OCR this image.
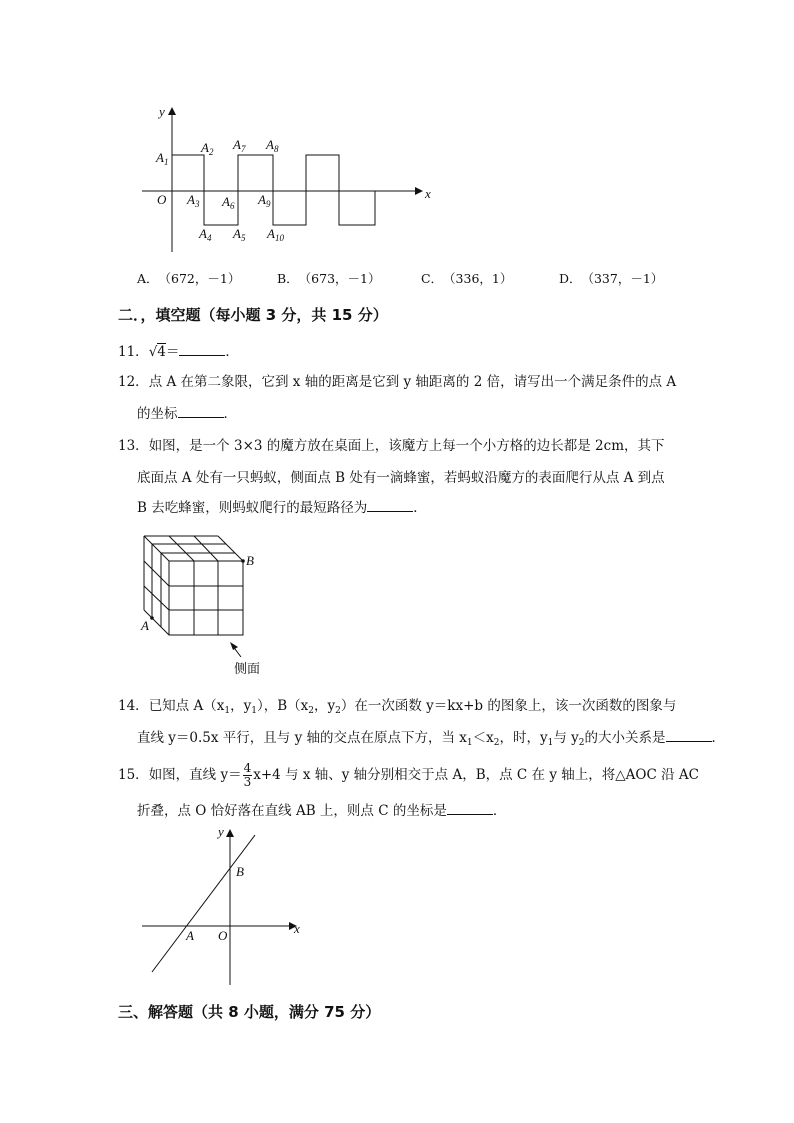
y
x
O
$A_1$
$A_2$
$A_3$
$A_4$ $A_5$
$A_6$
$A_7$ $A_8$
$A_9$
$A_{10}$
A．（672，－1）	B．（673，－1）	C．（336，1）	D．（337，－1）
二．，填空题（每小题 3 分，共 15 分）
11．√4＝	．
12．点 A 在第二象限，它到 x 轴的距离是它到 y 轴距离的 2 倍，请写出一个满足条件的点 A
的坐标	．
13．如图，是一个 3×3 的魔方放在桌面上，该魔方上每一个小方格的边长都是 2cm，其下
底面点 A 处有一只蚂蚁，侧面点 B 处有一滴蜂蜜，若蚂蚁沿魔方的表面爬行从点 A 到点
B 去吃蜂蜜，则蚂蚁爬行的最短路径为	．
A
B
侧面
14．已知点 $A(x_1$，$y_1$），$B(x_2$，$y_2$）在一次函数 y＝kx+b 的图象上，该一次函数的图象与
直线 y＝0.5x 平行，且与 y 轴的交点在原点下方，当 $x_1<x_2$，时，$y_1$与 $y_2$的大小关系是	．
15．如图，直线 $y= \frac{4}{3} x+4$ 与 x 轴、y 轴分别相交于点 A，B，点 C 在 y 轴上，将△AOC 沿 AC
折叠，点 O 恰好落在直线 AB 上，则点 C 的坐标是	．
y
x
B
A O
三、解答题（共 8 小题，满分 75 分）
